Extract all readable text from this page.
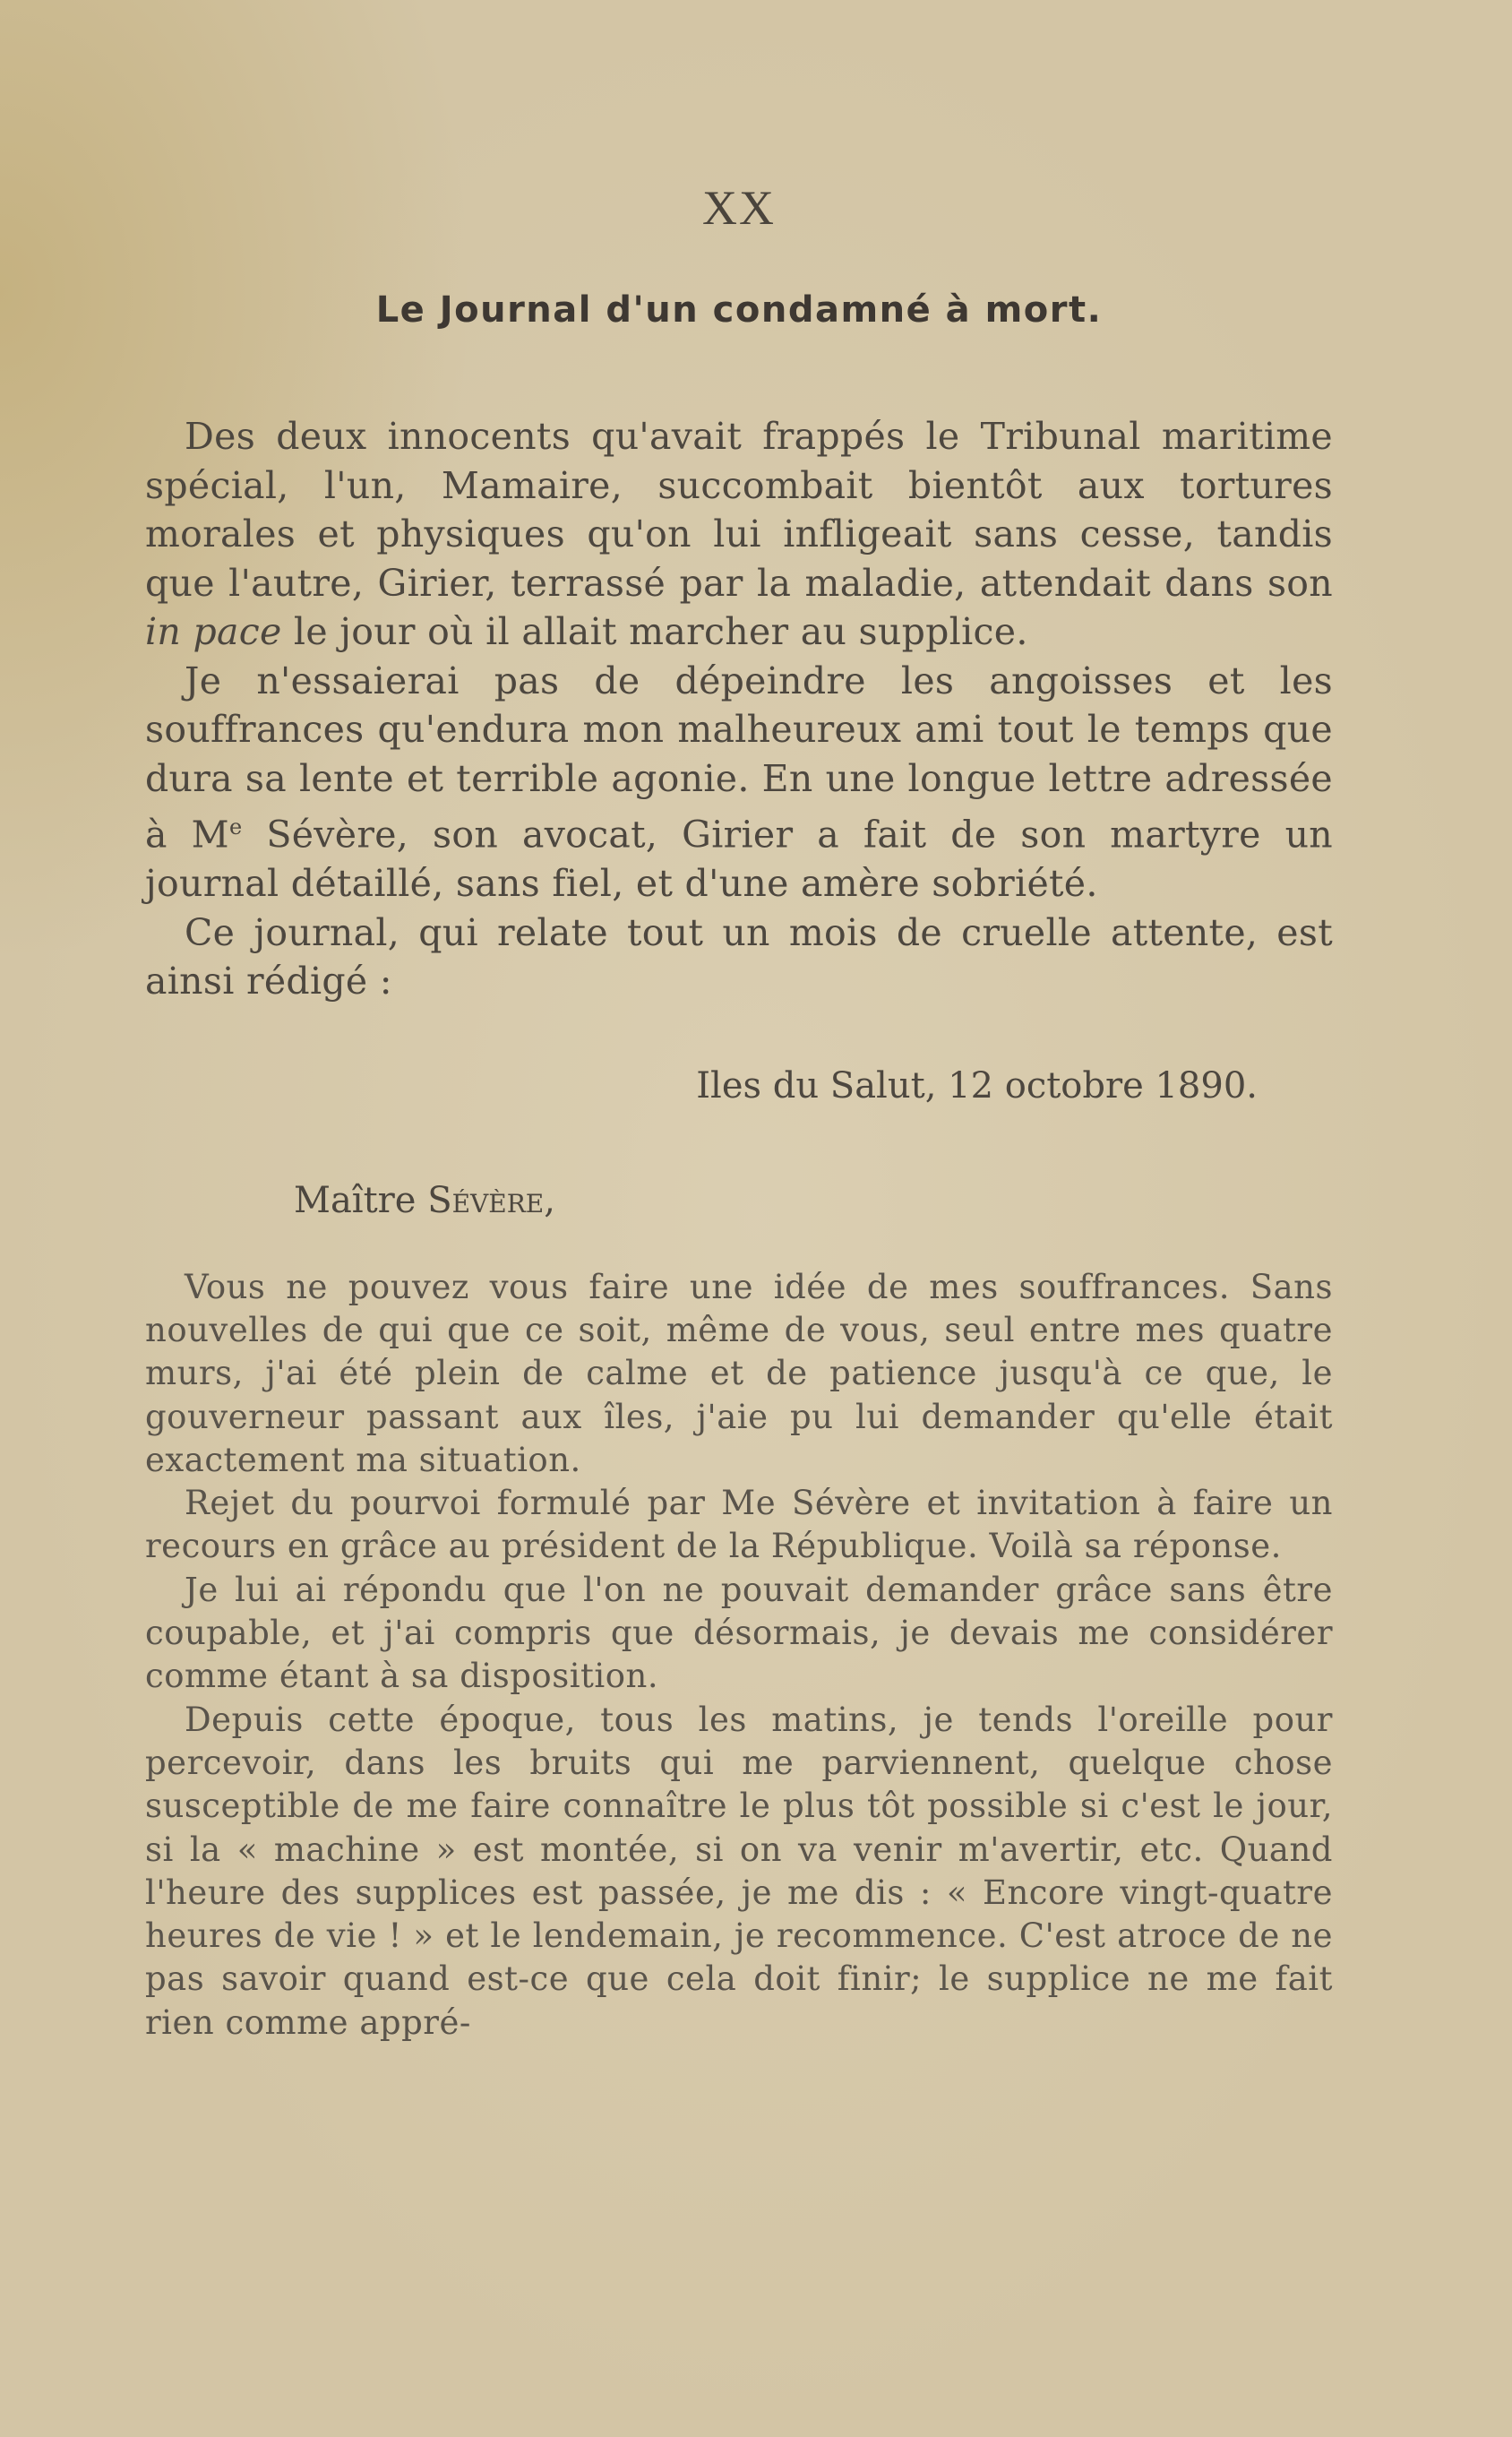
XX
Le Journal d'un condamné à mort.

Des deux innocents qu'avait frappés le Tribunal maritime spécial, l'un, Mamaire, succombait bientôt aux tortures morales et physiques qu'on lui infligeait sans cesse, tandis que l'autre, Girier, terrassé par la maladie, attendait dans son in pace le jour où il allait marcher au supplice.

Je n'essaierai pas de dépeindre les angoisses et les souffrances qu'endura mon malheureux ami tout le temps que dura sa lente et terrible agonie. En une longue lettre adressée à Me Sévère, son avocat, Girier a fait de son martyre un journal détaillé, sans fiel, et d'une amère sobriété.

Ce journal, qui relate tout un mois de cruelle attente, est ainsi rédigé :

Iles du Salut, 12 octobre 1890.
Maître Sévère,

Vous ne pouvez vous faire une idée de mes souffrances. Sans nouvelles de qui que ce soit, même de vous, seul entre mes quatre murs, j'ai été plein de calme et de patience jusqu'à ce que, le gouverneur passant aux îles, j'aie pu lui demander qu'elle était exactement ma situation.

Rejet du pourvoi formulé par Me Sévère et invitation à faire un recours en grâce au président de la République. Voilà sa réponse.

Je lui ai répondu que l'on ne pouvait demander grâce sans être coupable, et j'ai compris que désormais, je devais me considérer comme étant à sa disposition.

Depuis cette époque, tous les matins, je tends l'oreille pour percevoir, dans les bruits qui me parviennent, quelque chose susceptible de me faire connaître le plus tôt possible si c'est le jour, si la « machine » est montée, si on va venir m'avertir, etc. Quand l'heure des supplices est passée, je me dis : « Encore vingt-quatre heures de vie ! » et le lendemain, je recommence. C'est atroce de ne pas savoir quand est-ce que cela doit finir; le supplice ne me fait rien comme appré-
